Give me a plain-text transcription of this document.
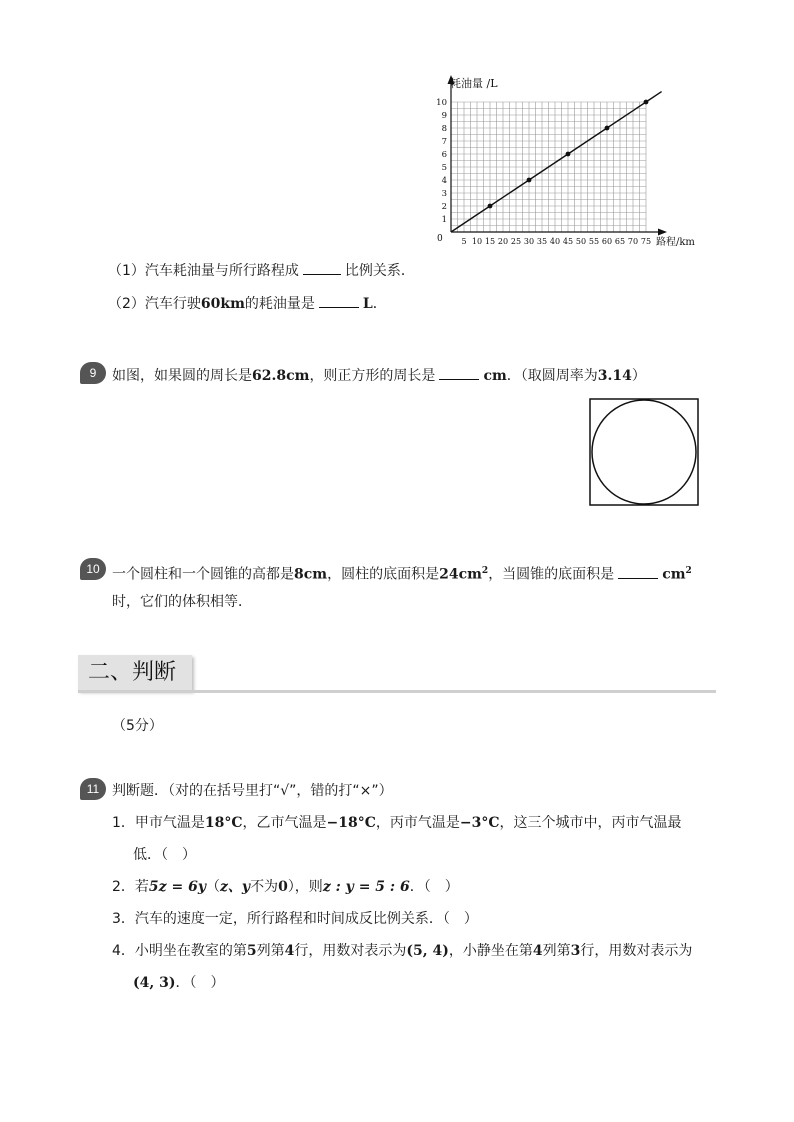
1
2
3
4
5
6
7
8
9
10
5 10 15 20 25 30 35 40 45 50 55 60 65 70 75
耗油量 /L
路程/km
0
（1）汽车耗油量与所行路程成	比例关系．
（2）汽车行驶60km的耗油量是	L．
9	如图，如果圆的周长是62.8cm，则正方形的周长是	cm．（取圆周率为3.14）
10 一个圆柱和一个圆锥的高都是8cm，圆柱的底面积是$24cm^2$，当圆锥的底面积是	$cm^2$
时，它们的体积相等．
二、判断
（5分）
11 判断题．（对的在括号里打“√”，错的打“×”）
1．甲市气温是18°C，乙市气温是−18°C，丙市气温是−3°C，这三个城市中，丙市气温最
低．（　）
2．若5z = 6y（z、y不为0），则z : y = 5 : 6．（　）
3．汽车的速度一定，所行路程和时间成反比例关系．（　）
4．小明坐在教室的第5列第4行，用数对表示为(5, 4)，小静坐在第4列第3行，用数对表示为
(4, 3)．（　）
